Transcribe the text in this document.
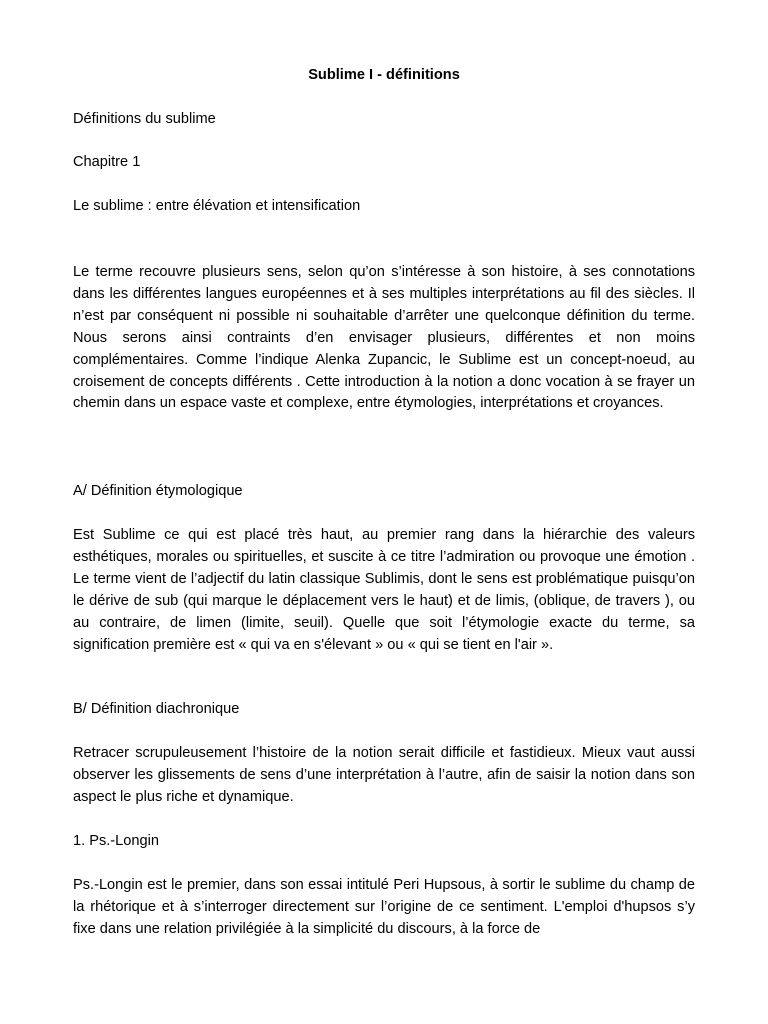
Sublime I - définitions
Définitions du sublime
Chapitre 1
Le sublime : entre élévation et intensification
Le terme recouvre plusieurs sens, selon qu’on s’intéresse à son histoire, à ses connotations dans les différentes langues européennes et à ses multiples interprétations au fil des siècles. Il n’est par conséquent ni possible ni souhaitable d’arrêter une quelconque définition du terme. Nous serons ainsi contraints d’en envisager plusieurs, différentes et non moins complémentaires. Comme l’indique Alenka Zupancic, le Sublime est un concept-noeud, au croisement de concepts différents . Cette introduction à la notion a donc vocation à se frayer un chemin dans un espace vaste et complexe, entre étymologies, interprétations et croyances.
A/ Définition étymologique
Est Sublime ce qui est placé très haut, au premier rang dans la hiérarchie des valeurs esthétiques, morales ou spirituelles, et suscite à ce titre l’admiration ou provoque une émotion . Le terme vient de l’adjectif du latin classique Sublimis, dont le sens est problématique puisqu’on le dérive de sub (qui marque le déplacement vers le haut) et de limis, (oblique, de travers ), ou au contraire, de limen (limite, seuil). Quelle que soit l’étymologie exacte du terme, sa signification première est « qui va en s'élevant » ou « qui se tient en l'air ».
B/ Définition diachronique
Retracer scrupuleusement l’histoire de la notion serait difficile et fastidieux. Mieux vaut aussi observer les glissements de sens d’une interprétation à l’autre, afin de saisir la notion dans son aspect le plus riche et dynamique.
1. Ps.-Longin
Ps.-Longin est le premier, dans son essai intitulé Peri Hupsous, à sortir le sublime du champ de la rhétorique et à s’interroger directement sur l’origine de ce sentiment. L'emploi d'hupsos s’y fixe dans une relation privilégiée à la simplicité du discours, à la force de
